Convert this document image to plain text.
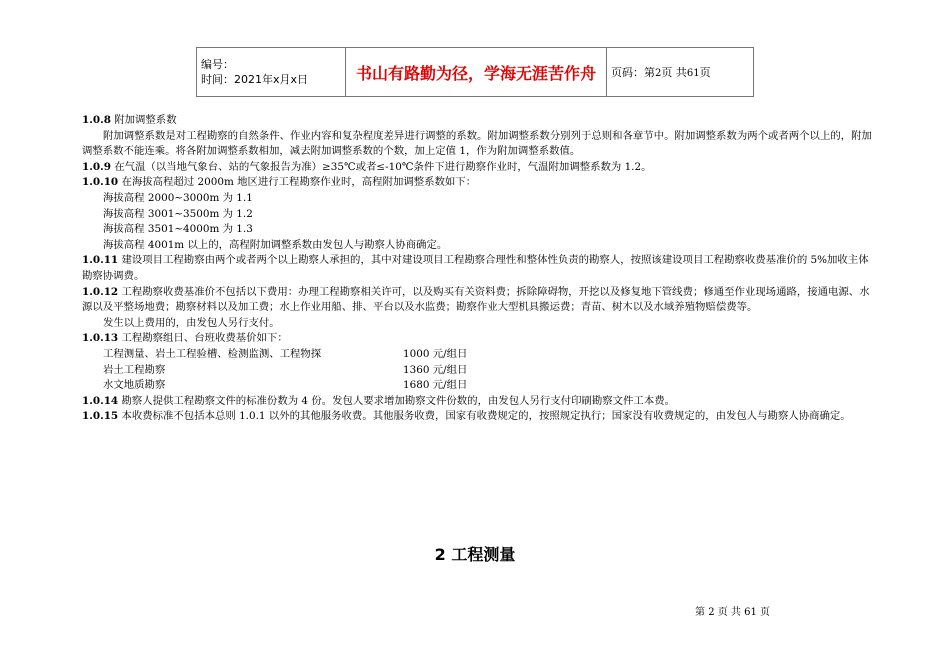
编号：
时间：2021年x月x日	书山有路勤为径，学海无涯苦作舟	页码：第2页 共61页

1.0.8 附加调整系数

附加调整系数是对工程勘察的自然条件、作业内容和复杂程度差异进行调整的系数。附加调整系数分别列于总则和各章节中。附加调整系数为两个或者两个以上的，附加调整系数不能连乘。将各附加调整系数相加，减去附加调整系数的个数，加上定值 1，作为附加调整系数值。

1.0.9 在气温（以当地气象台、站的气象报告为准）≥35℃或者≤-10℃条件下进行勘察作业时，气温附加调整系数为 1.2。

1.0.10 在海拔高程超过 2000m 地区进行工程勘察作业时，高程附加调整系数如下：

海拔高程 2000~3000m 为 1.1

海拔高程 3001~3500m 为 1.2

海拔高程 3501~4000m 为 1.3

海拔高程 4001m 以上的，高程附加调整系数由发包人与勘察人协商确定。

1.0.11 建设项目工程勘察由两个或者两个以上勘察人承担的，其中对建设项目工程勘察合理性和整体性负责的勘察人，按照该建设项目工程勘察收费基准价的 5%加收主体勘察协调费。

1.0.12 工程勘察收费基准价不包括以下费用：办理工程勘察相关许可，以及购买有关资料费；拆除障碍物，开挖以及修复地下管线费；修通至作业现场通路，接通电源、水源以及平整场地费；勘察材料以及加工费；水上作业用船、排、平台以及水监费；勘察作业大型机具搬运费；青苗、树木以及水域养殖物赔偿费等。

发生以上费用的，由发包人另行支付。

1.0.13 工程勘察组日、台班收费基价如下：

工程测量、岩土工程验槽、检测监测、工程物探	1000 元/组日
岩土工程勘察	1360 元/组日
水文地质勘察	1680 元/组日

1.0.14 勘察人提供工程勘察文件的标准份数为 4 份。发包人要求增加勘察文件份数的，由发包人另行支付印刷勘察文件工本费。

1.0.15 本收费标准不包括本总则 1.0.1 以外的其他服务收费。其他服务收费，国家有收费规定的，按照规定执行；国家没有收费规定的，由发包人与勘察人协商确定。

2 工程测量
第 2 页 共 61 页
